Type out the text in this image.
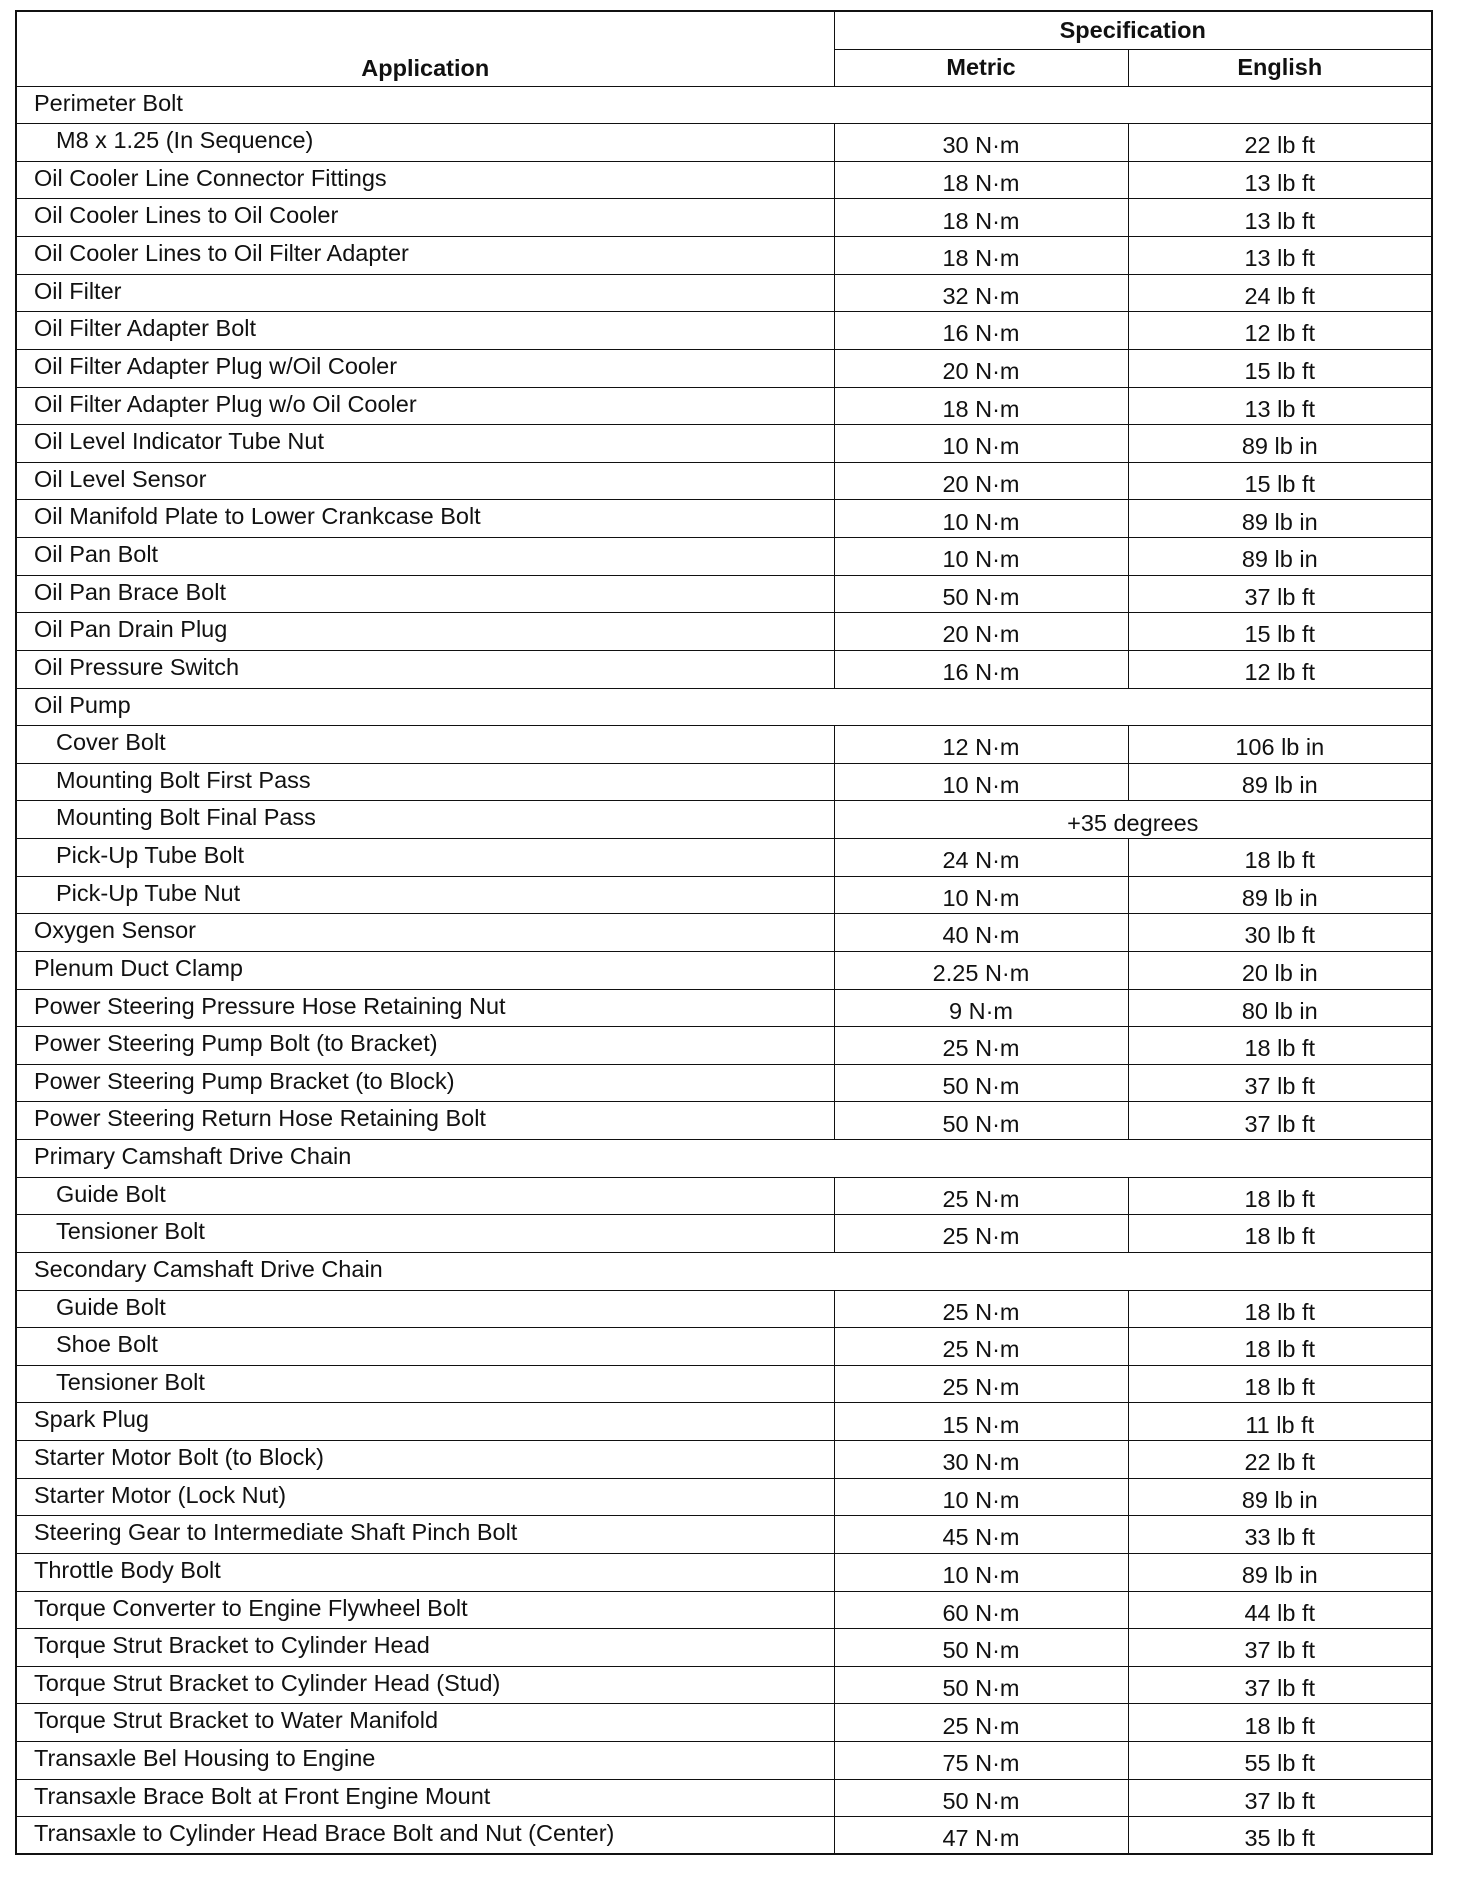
Application	Specification	
	Metric	English
Perimeter Bolt		
M8 x 1.25 (In Sequence)	30 N·m	22 lb ft
Oil Cooler Line Connector Fittings	18 N·m	13 lb ft
Oil Cooler Lines to Oil Cooler	18 N·m	13 lb ft
Oil Cooler Lines to Oil Filter Adapter	18 N·m	13 lb ft
Oil Filter	32 N·m	24 lb ft
Oil Filter Adapter Bolt	16 N·m	12 lb ft
Oil Filter Adapter Plug w/Oil Cooler	20 N·m	15 lb ft
Oil Filter Adapter Plug w/o Oil Cooler	18 N·m	13 lb ft
Oil Level Indicator Tube Nut	10 N·m	89 lb in
Oil Level Sensor	20 N·m	15 lb ft
Oil Manifold Plate to Lower Crankcase Bolt	10 N·m	89 lb in
Oil Pan Bolt	10 N·m	89 lb in
Oil Pan Brace Bolt	50 N·m	37 lb ft
Oil Pan Drain Plug	20 N·m	15 lb ft
Oil Pressure Switch	16 N·m	12 lb ft
Oil Pump		
Cover Bolt	12 N·m	106 lb in
Mounting Bolt First Pass	10 N·m	89 lb in
Mounting Bolt Final Pass	+35 degrees	
Pick-Up Tube Bolt	24 N·m	18 lb ft
Pick-Up Tube Nut	10 N·m	89 lb in
Oxygen Sensor	40 N·m	30 lb ft
Plenum Duct Clamp	2.25 N·m	20 lb in
Power Steering Pressure Hose Retaining Nut	9 N·m	80 lb in
Power Steering Pump Bolt (to Bracket)	25 N·m	18 lb ft
Power Steering Pump Bracket (to Block)	50 N·m	37 lb ft
Power Steering Return Hose Retaining Bolt	50 N·m	37 lb ft
Primary Camshaft Drive Chain		
Guide Bolt	25 N·m	18 lb ft
Tensioner Bolt	25 N·m	18 lb ft
Secondary Camshaft Drive Chain		
Guide Bolt	25 N·m	18 lb ft
Shoe Bolt	25 N·m	18 lb ft
Tensioner Bolt	25 N·m	18 lb ft
Spark Plug	15 N·m	11 lb ft
Starter Motor Bolt (to Block)	30 N·m	22 lb ft
Starter Motor (Lock Nut)	10 N·m	89 lb in
Steering Gear to Intermediate Shaft Pinch Bolt	45 N·m	33 lb ft
Throttle Body Bolt	10 N·m	89 lb in
Torque Converter to Engine Flywheel Bolt	60 N·m	44 lb ft
Torque Strut Bracket to Cylinder Head	50 N·m	37 lb ft
Torque Strut Bracket to Cylinder Head (Stud)	50 N·m	37 lb ft
Torque Strut Bracket to Water Manifold	25 N·m	18 lb ft
Transaxle Bel Housing to Engine	75 N·m	55 lb ft
Transaxle Brace Bolt at Front Engine Mount	50 N·m	37 lb ft
Transaxle to Cylinder Head Brace Bolt and Nut (Center)	47 N·m	35 lb ft
